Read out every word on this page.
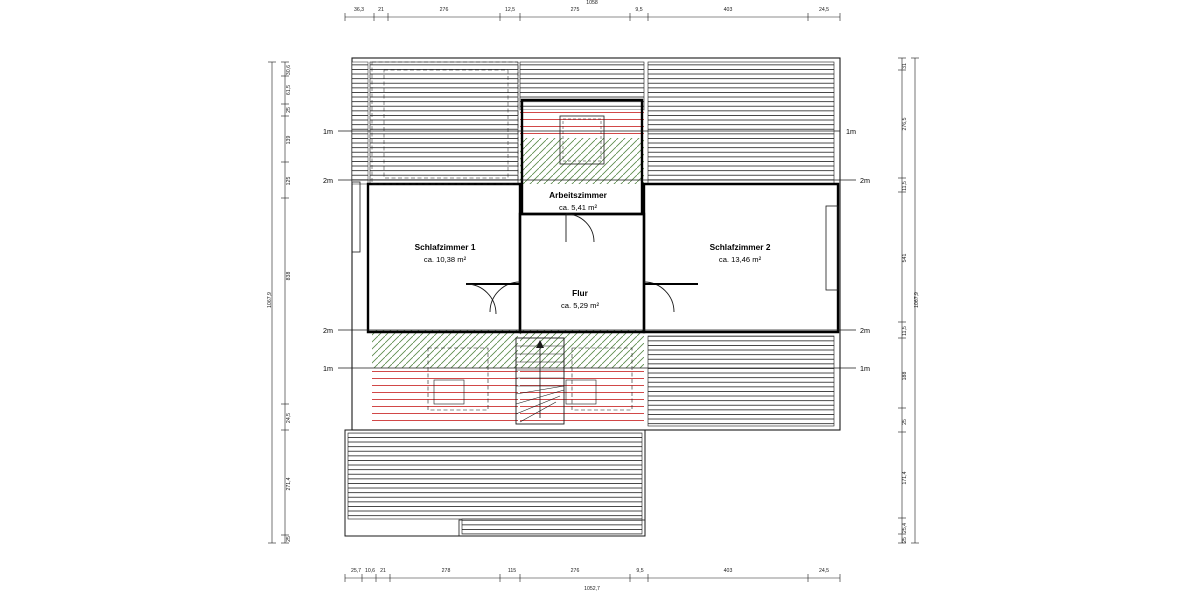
1m
2m
2m
1m
1m
2m
2m
1m
Arbeitszimmer
ca. 5,41 m²
Schlafzimmer 1
ca. 10,38 m²
Schlafzimmer 2
ca. 13,46 m²
Flur
ca. 5,29 m²
36,3	21	276	12,5	275	9,5	403	24,5
1058
25,7 10,6 21	278	115	276	9,5	403	24,5
1052,7
30,6
61,5
25
139
125
838
24,5
271,4
25
1067,9
31
276,5
11,5
541
11,5
188
25
171,4
25,4
25
1067,9
